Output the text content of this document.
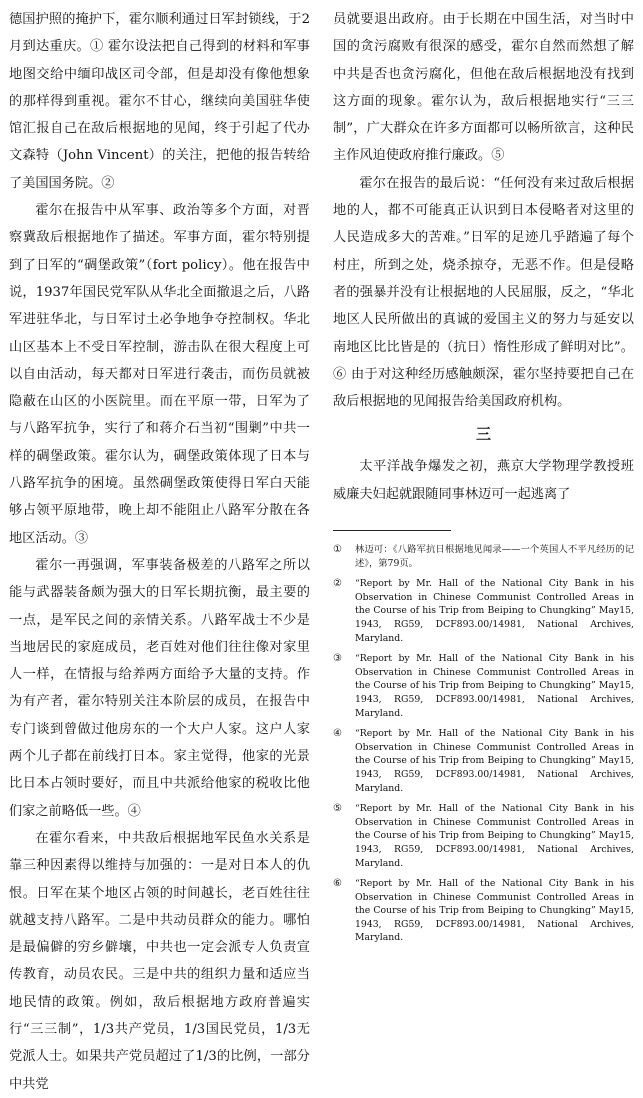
德国护照的掩护下，霍尔顺利通过日军封锁线，于2月到达重庆。① 霍尔设法把自己得到的材料和军事地图交给中缅印战区司令部，但是却没有像他想象的那样得到重视。霍尔不甘心，继续向美国驻华使馆汇报自己在敌后根据地的见闻，终于引起了代办文森特（John Vincent）的关注，把他的报告转给了美国国务院。②

霍尔在报告中从军事、政治等多个方面，对晋察冀敌后根据地作了描述。军事方面，霍尔特别提到了日军的“碉堡政策”（fort policy）。他在报告中说，1937年国民党军队从华北全面撤退之后，八路军进驻华北，与日军讨土必争地争夺控制权。华北山区基本上不受日军控制，游击队在很大程度上可以自由活动，每天都对日军进行袭击，而伤员就被隐蔽在山区的小医院里。而在平原一带，日军为了与八路军抗争，实行了和蒋介石当初“围剿”中共一样的碉堡政策。霍尔认为，碉堡政策体现了日本与八路军抗争的困境。虽然碉堡政策使得日军白天能够占领平原地带，晚上却不能阻止八路军分散在各地区活动。③

霍尔一再强调，军事装备极差的八路军之所以能与武器装备颇为强大的日军长期抗衡，最主要的一点，是军民之间的亲情关系。八路军战士不少是当地居民的家庭成员，老百姓对他们往往像对家里人一样，在情报与给养两方面给予大量的支持。作为有产者，霍尔特别关注本阶层的成员，在报告中专门谈到曾做过他房东的一个大户人家。这户人家两个儿子都在前线打日本。家主觉得，他家的光景比日本占领时要好，而且中共派给他家的税收比他们家之前略低一些。④

在霍尔看来，中共敌后根据地军民鱼水关系是靠三种因素得以维持与加强的：一是对日本人的仇恨。日军在某个地区占领的时间越长，老百姓往往就越支持八路军。二是中共动员群众的能力。哪怕是最偏僻的穷乡僻壤，中共也一定会派专人负责宣传教育，动员农民。三是中共的组织力量和适应当地民情的政策。例如，敌后根据地方政府普遍实行“三三制”，1/3共产党员，1/3国民党员，1/3无党派人士。如果共产党员超过了1/3的比例，一部分中共党

员就要退出政府。由于长期在中国生活，对当时中国的贪污腐败有很深的感受，霍尔自然而然想了解中共是否也贪污腐化，但他在敌后根据地没有找到这方面的现象。霍尔认为，敌后根据地实行“三三制”，广大群众在许多方面都可以畅所欲言，这种民主作风迫使政府推行廉政。⑤

霍尔在报告的最后说：“任何没有来过敌后根据地的人，都不可能真正认识到日本侵略者对这里的人民造成多大的苦难。”日军的足迹几乎踏遍了每个村庄，所到之处，烧杀掠夺，无恶不作。但是侵略者的强暴并没有让根据地的人民屈服，反之，“华北地区人民所做出的真诚的爱国主义的努力与延安以南地区比比皆是的（抗日）惰性形成了鲜明对比”。⑥ 由于对这种经历感触颇深，霍尔坚持要把自己在敌后根据地的见闻报告给美国政府机构。

三

太平洋战争爆发之初，燕京大学物理学教授班威廉夫妇起就跟随同事林迈可一起逃离了

①	林迈可：《八路军抗日根据地见闻录——一个英国人不平凡经历的记述》，第79页。
②	“Report by Mr. Hall of the National City Bank in his Observation in Chinese Communist Controlled Areas in the Course of his Trip from Beiping to Chungking” May15, 1943, RG59, DCF893.00/14981, National Archives, Maryland.
③	“Report by Mr. Hall of the National City Bank in his Observation in Chinese Communist Controlled Areas in the Course of his Trip from Beiping to Chungking” May15, 1943, RG59, DCF893.00/14981, National Archives, Maryland.
④	“Report by Mr. Hall of the National City Bank in his Observation in Chinese Communist Controlled Areas in the Course of his Trip from Beiping to Chungking” May15, 1943, RG59, DCF893.00/14981, National Archives, Maryland.
⑤	“Report by Mr. Hall of the National City Bank in his Observation in Chinese Communist Controlled Areas in the Course of his Trip from Beiping to Chungking” May15, 1943, RG59, DCF893.00/14981, National Archives, Maryland.
⑥	“Report by Mr. Hall of the National City Bank in his Observation in Chinese Communist Controlled Areas in the Course of his Trip from Beiping to Chungking” May15, 1943, RG59, DCF893.00/14981, National Archives, Maryland.
